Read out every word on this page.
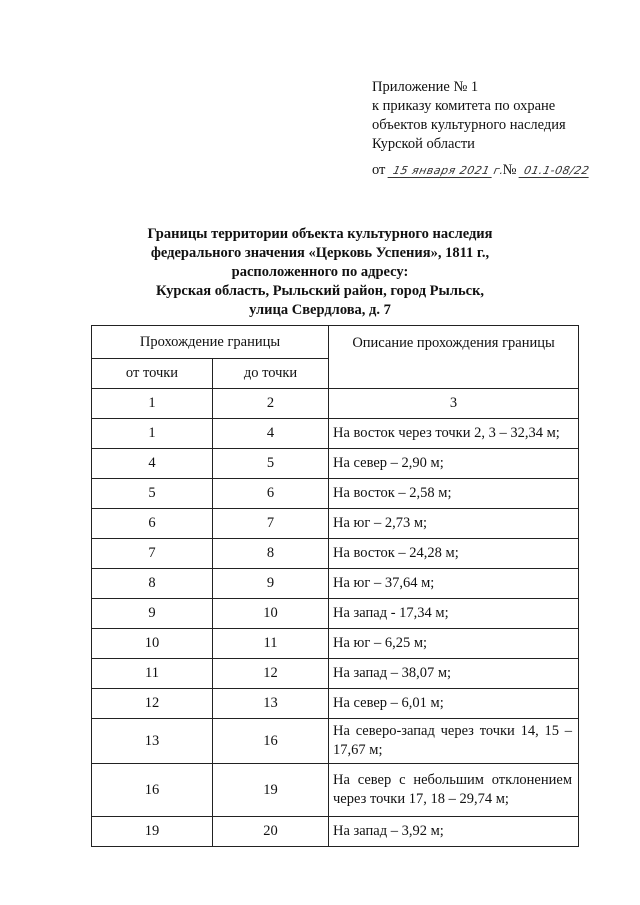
Приложение № 1
к приказу комитета по охране
объектов культурного наследия
Курской области
от 15 января 2021 г. № 01.1-08/22
Границы территории объекта культурного наследия
федерального значения «Церковь Успения», 1811 г.,
расположенного по адресу:
Курская область, Рыльский район, город Рыльск,
улица Свердлова, д. 7
Прохождение границы		Описание прохождения границы
от точки	до точки	
1	2	3
1	4	На восток через точки 2, 3 – 32,34 м;
4	5	На север – 2,90 м;
5	6	На восток – 2,58 м;
6	7	На юг – 2,73 м;
7	8	На восток – 24,28 м;
8	9	На юг – 37,64 м;
9	10	На запад - 17,34 м;
10	11	На юг – 6,25 м;
11	12	На запад – 38,07 м;
12	13	На север – 6,01 м;
13	16	На северо-запад через точки 14, 15 – 17,67 м;
16	19	На север с небольшим отклонением через точки 17, 18 – 29,74 м;
19	20	На запад – 3,92 м;
